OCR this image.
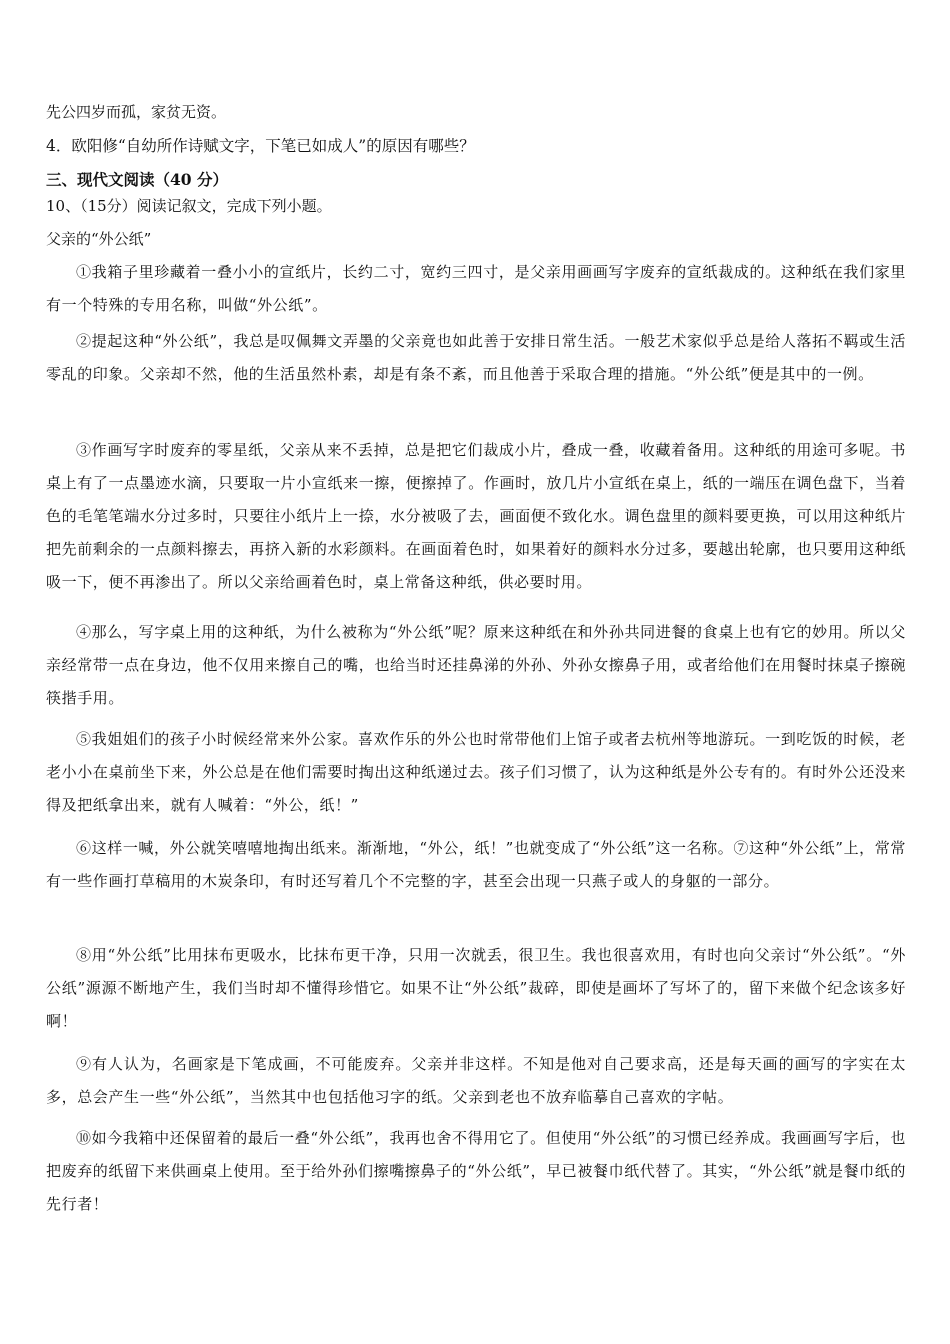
先公四岁而孤，家贫无资。
4．欧阳修“自幼所作诗赋文字，下笔已如成人”的原因有哪些？
三、现代文阅读（40 分）
10、（15分）阅读记叙文，完成下列小题。
父亲的“外公纸”
①我箱子里珍藏着一叠小小的宣纸片，长约二寸，宽约三四寸，是父亲用画画写字废弃的宣纸裁成的。这种纸在我们家里有一个特殊的专用名称，叫做“外公纸”。
②提起这种“外公纸”，我总是叹佩舞文弄墨的父亲竟也如此善于安排日常生活。一般艺术家似乎总是给人落拓不羁或生活零乱的印象。父亲却不然，他的生活虽然朴素，却是有条不紊，而且他善于采取合理的措施。“外公纸”便是其中的一例。
③作画写字时废弃的零星纸，父亲从来不丢掉，总是把它们裁成小片，叠成一叠，收藏着备用。这种纸的用途可多呢。书桌上有了一点墨迹水滴，只要取一片小宣纸来一擦，便擦掉了。作画时，放几片小宣纸在桌上，纸的一端压在调色盘下，当着色的毛笔笔端水分过多时，只要往小纸片上一捺，水分被吸了去，画面便不致化水。调色盘里的颜料要更换，可以用这种纸片把先前剩余的一点颜料擦去，再挤入新的水彩颜料。在画面着色时，如果着好的颜料水分过多，要越出轮廓，也只要用这种纸吸一下，便不再渗出了。所以父亲给画着色时，桌上常备这种纸，供必要时用。
④那么，写字桌上用的这种纸，为什么被称为“外公纸”呢？原来这种纸在和外孙共同进餐的食桌上也有它的妙用。所以父亲经常带一点在身边，他不仅用来擦自己的嘴，也给当时还挂鼻涕的外孙、外孙女擦鼻子用，或者给他们在用餐时抹桌子擦碗筷揩手用。
⑤我姐姐们的孩子小时候经常来外公家。喜欢作乐的外公也时常带他们上馆子或者去杭州等地游玩。一到吃饭的时候，老老小小在桌前坐下来，外公总是在他们需要时掏出这种纸递过去。孩子们习惯了，认为这种纸是外公专有的。有时外公还没来得及把纸拿出来，就有人喊着：“外公，纸！”
⑥这样一喊，外公就笑嘻嘻地掏出纸来。渐渐地，“外公，纸！”也就变成了“外公纸”这一名称。⑦这种“外公纸”上，常常有一些作画打草稿用的木炭条印，有时还写着几个不完整的字，甚至会出现一只燕子或人的身躯的一部分。
⑧用“外公纸”比用抹布更吸水，比抹布更干净，只用一次就丢，很卫生。我也很喜欢用，有时也向父亲讨“外公纸”。“外公纸”源源不断地产生，我们当时却不懂得珍惜它。如果不让“外公纸”裁碎，即使是画坏了写坏了的，留下来做个纪念该多好啊！
⑨有人认为，名画家是下笔成画，不可能废弃。父亲并非这样。不知是他对自己要求高，还是每天画的画写的字实在太多，总会产生一些“外公纸”，当然其中也包括他习字的纸。父亲到老也不放弃临摹自己喜欢的字帖。
⑩如今我箱中还保留着的最后一叠“外公纸”，我再也舍不得用它了。但使用“外公纸”的习惯已经养成。我画画写字后，也把废弃的纸留下来供画桌上使用。至于给外孙们擦嘴擦鼻子的“外公纸”，早已被餐巾纸代替了。其实，“外公纸”就是餐巾纸的先行者！
